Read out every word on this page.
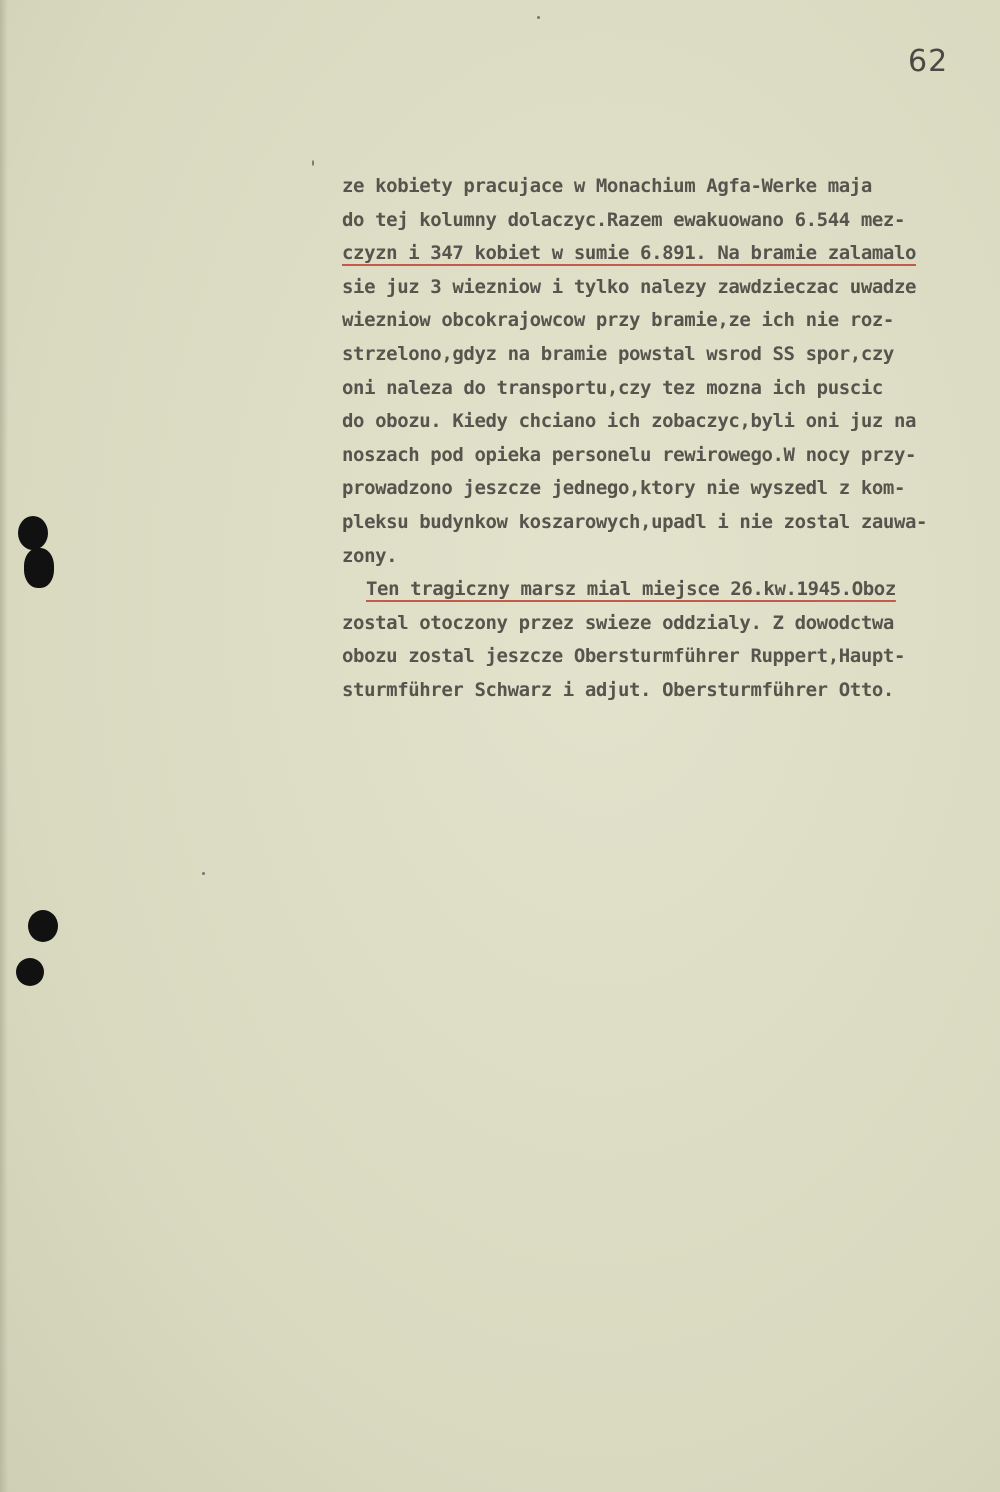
62
ze kobiety pracujace w Monachium Agfa-Werke maja
do tej kolumny dolaczyc.Razem ewakuowano 6.544 mez-
czyzn i 347 kobiet w sumie 6.891. Na bramie zalamalo
sie juz 3 wiezniow i tylko nalezy zawdzieczac uwadze
wiezniow obcokrajowcow przy bramie,ze ich nie roz-
strzelono,gdyz na bramie powstal wsrod SS spor,czy
oni naleza do transportu,czy tez mozna ich puscic
do obozu. Kiedy chciano ich zobaczyc,byli oni juz na
noszach pod opieka personelu rewirowego.W nocy przy-
prowadzono jeszcze jednego,ktory nie wyszedl z kom-
pleksu budynkow koszarowych,upadl i nie zostal zauwa-
zony.
Ten tragiczny marsz mial miejsce 26.kw.1945.Oboz
zostal otoczony przez swieze oddzialy. Z dowodctwa
obozu zostal jeszcze Obersturmführer Ruppert,Haupt-
sturmführer Schwarz i adjut. Obersturmführer Otto.
